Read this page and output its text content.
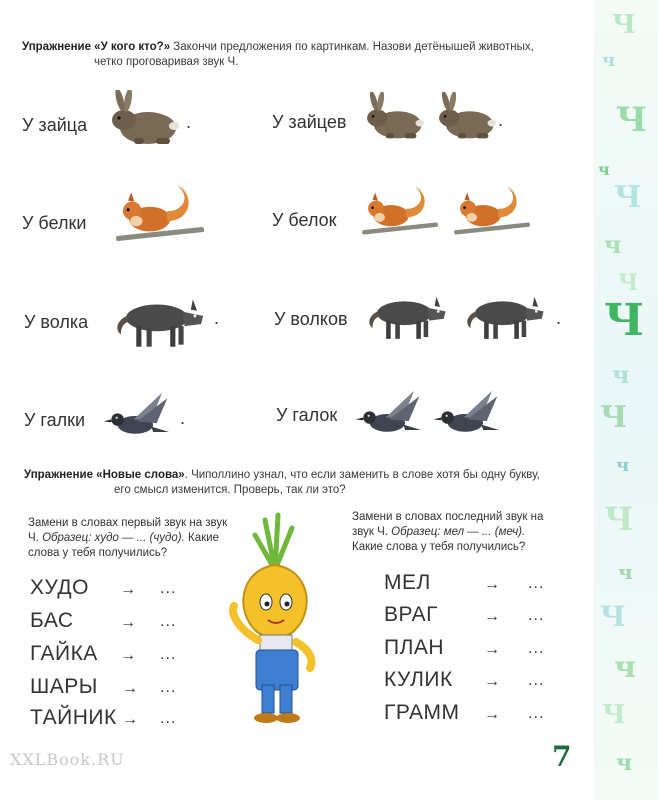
Ч
ч
Ч
ч
Ч
ч
Ч
Ч
ч
Ч
ч
Ч
ч
Ч
ч
Ч
ч
Упражнение «У кого кто?» Закончи предложения по картинкам. Назови детёнышей животных,
четко проговаривая звук Ч.
У зайца	.	У зайцев	.
У белки	У белок
У волка	.	У волков	.
У галки	.	У галок
Упражнение «Новые слова». Чиполлино узнал, что если заменить в слове хотя бы одну букву,
его смысл изменится. Проверь, так ли это?
Замени в словах первый звук на звук
Ч. Образец: худо — ... (чудо). Какие
слова у тебя получились?
Замени в словах последний звук на
звук Ч. Образец: мел — ... (меч).
Какие слова у тебя получились?
ХУДО → ...
БАС	→ ...
ГАЙКА → ...
ШАРЫ → ...
ТАЙНИК → ...
МЕЛ	→ ...
ВРАГ	→ ...
ПЛАН → ...
КУЛИК → ...
ГРАММ → ...
XXLBook.RU	7
